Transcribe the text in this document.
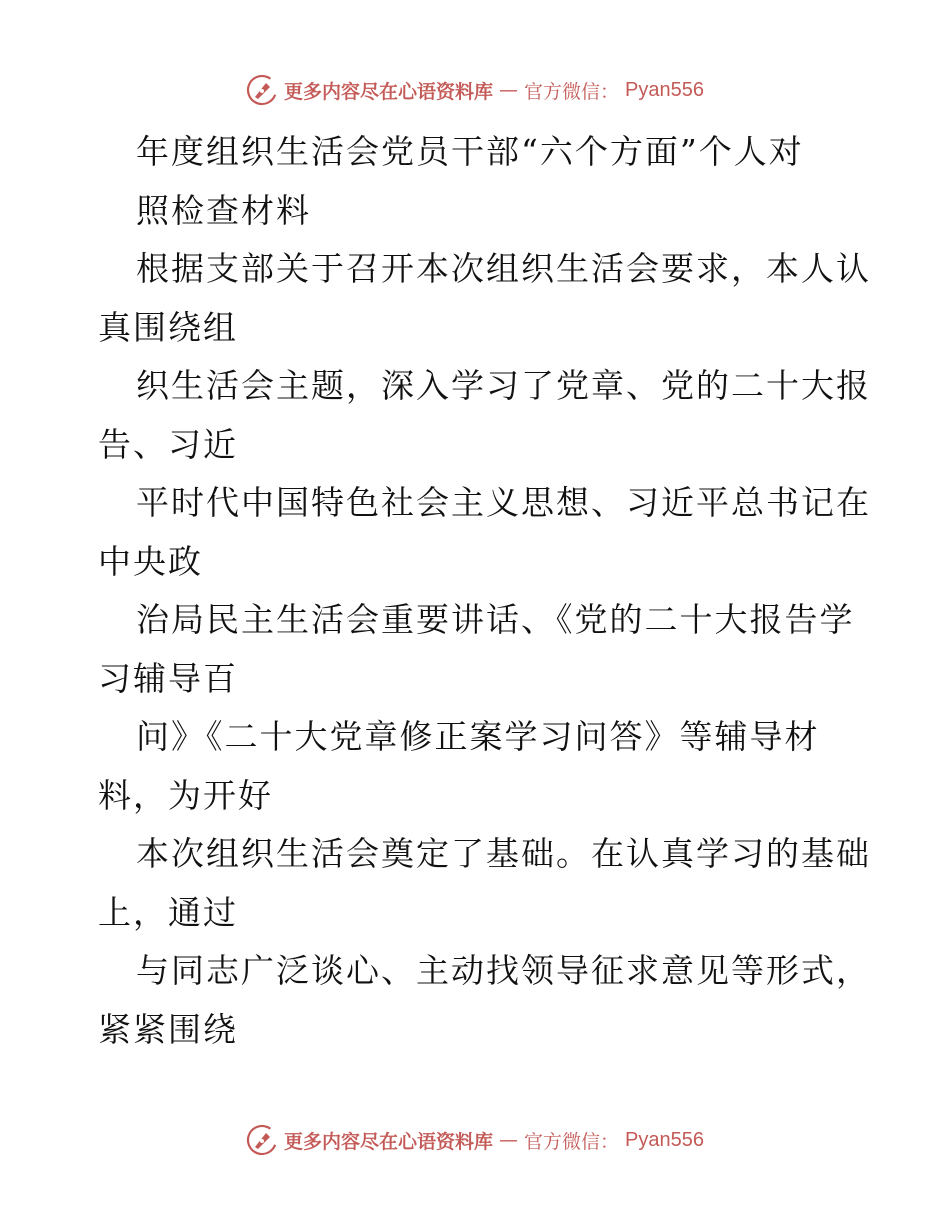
更多内容尽在心语资料库 — 官方微信： Pyan556
年度组织生活会党员干部“六个方面”个人对
照检查材料
根据支部关于召开本次组织生活会要求，本人认
真围绕组
织生活会主题，深入学习了党章、党的二十大报
告、习近
平时代中国特色社会主义思想、习近平总书记在
中央政
治局民主生活会重要讲话、《党的二十大报告学
习辅导百
问》《二十大党章修正案学习问答》等辅导材
料，为开好
本次组织生活会奠定了基础。在认真学习的基础
上，通过
与同志广泛谈心、主动找领导征求意见等形式，
紧紧围绕
更多内容尽在心语资料库 — 官方微信： Pyan556
